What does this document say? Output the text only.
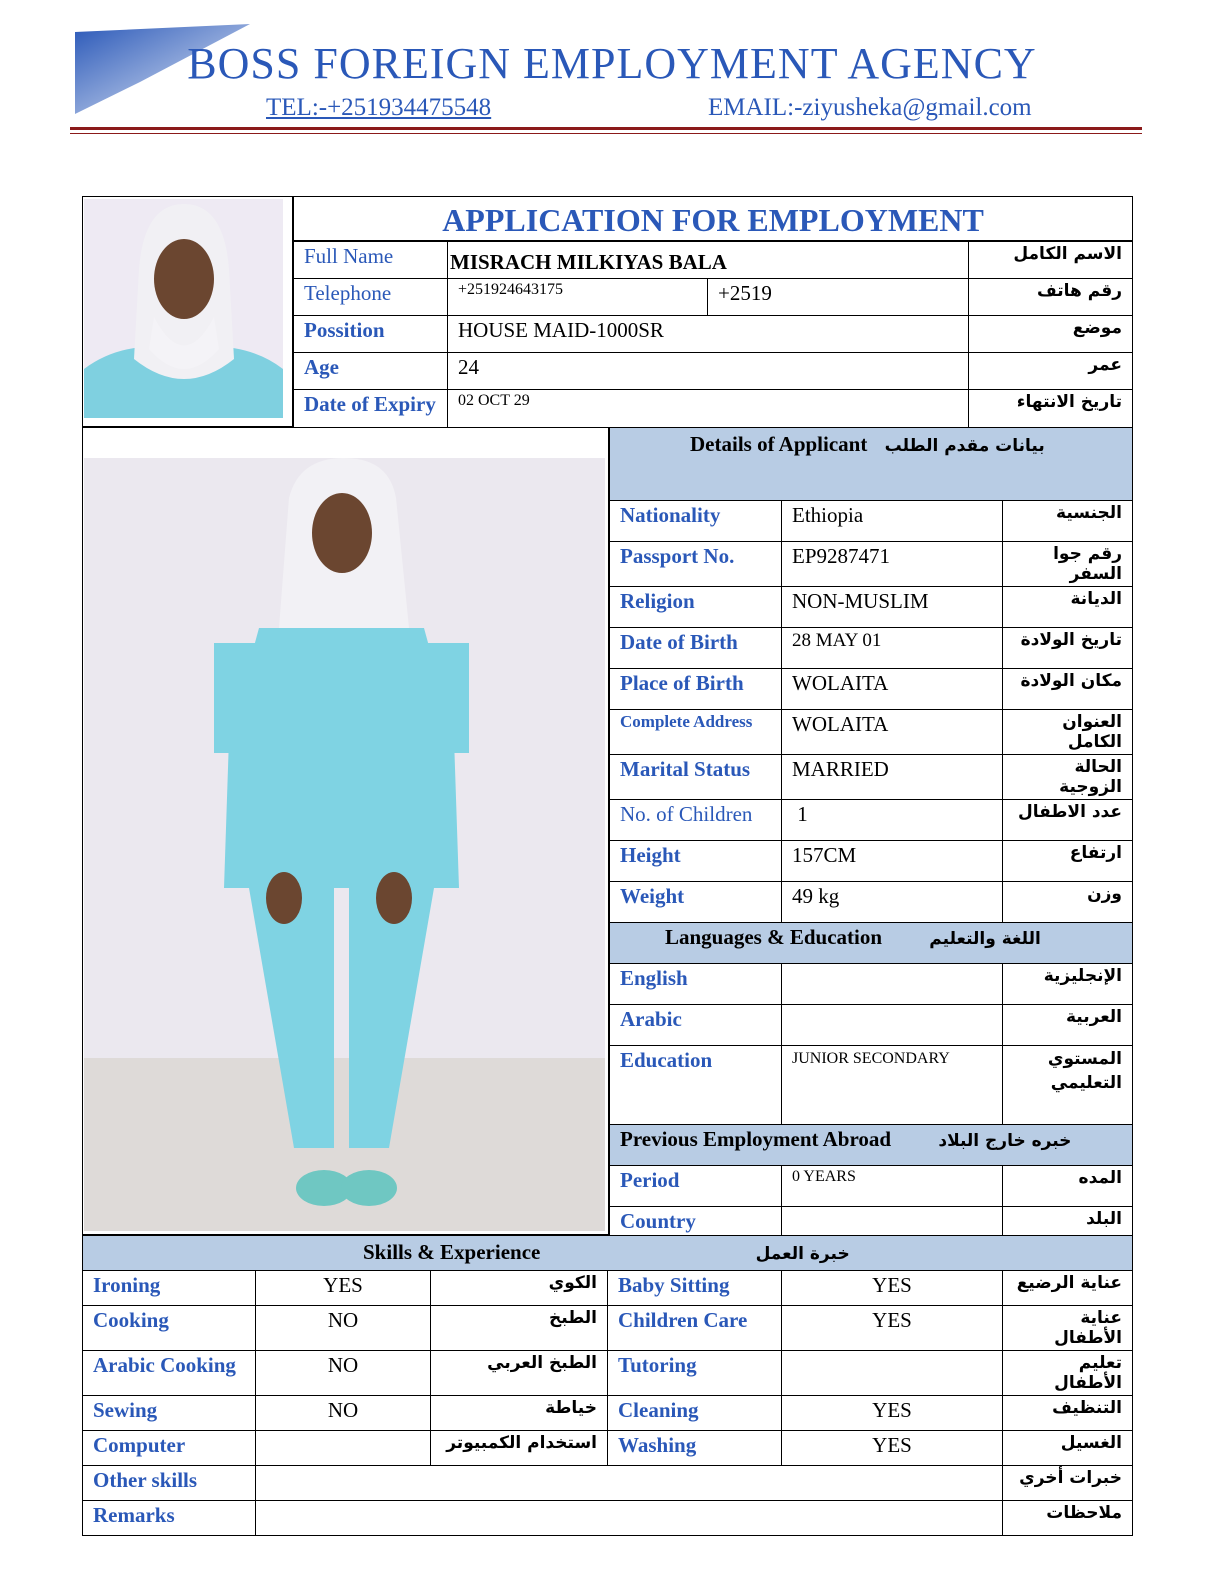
BOSS FOREIGN EMPLOYMENT AGENCY
TEL:-+251934475548	EMAIL:-ziyusheka@gmail.com
APPLICATION FOR EMPLOYMENT
Full Name	MISRACH MILKIYAS BALA		الاسم الكامل
Telephone	+251924643175	+2519	رقم هاتف
Possition	HOUSE MAID-1000SR		موضع
Age	24		عمر
Date of Expiry	02 OCT 29		تاريخ الانتهاء
Details of Applicant بيانات مقدم الطلب		
Nationality	Ethiopia	الجنسية
Passport No.	EP9287471	رقم جوا السفر
Religion	NON-MUSLIM	الديانة
Date of Birth	28 MAY 01	تاريخ الولادة
Place of Birth	WOLAITA	مكان الولادة
Complete Address	WOLAITA	العنوان الكامل
Marital Status	MARRIED	الحالة الزوجية
No. of Children	1	عدد الاطفال
Height	157CM	ارتفاع
Weight	49 kg	وزن
Languages & Education اللغة والتعليم		
English		الإنجليزية
Arabic		العربية
Education	JUNIOR SECONDARY	المستوي التعليمي
Previous Employment Abroad خبره خارج البلاد		
Period	0 YEARS	المده
Country		البلد
Skills & Experience خبرة العمل					
Ironing	YES	الكوي	Baby Sitting	YES	عناية الرضيع
Cooking	NO	الطبخ	Children Care	YES	عناية الأطفال
Arabic Cooking	NO	الطبخ العربي	Tutoring		تعليم الأطفال
Sewing	NO	خياطة	Cleaning	YES	التنظيف
Computer		استخدام الكمبيوتر	Washing	YES	الغسيل
Other skills					خبرات أخري
Remarks					ملاحظات
